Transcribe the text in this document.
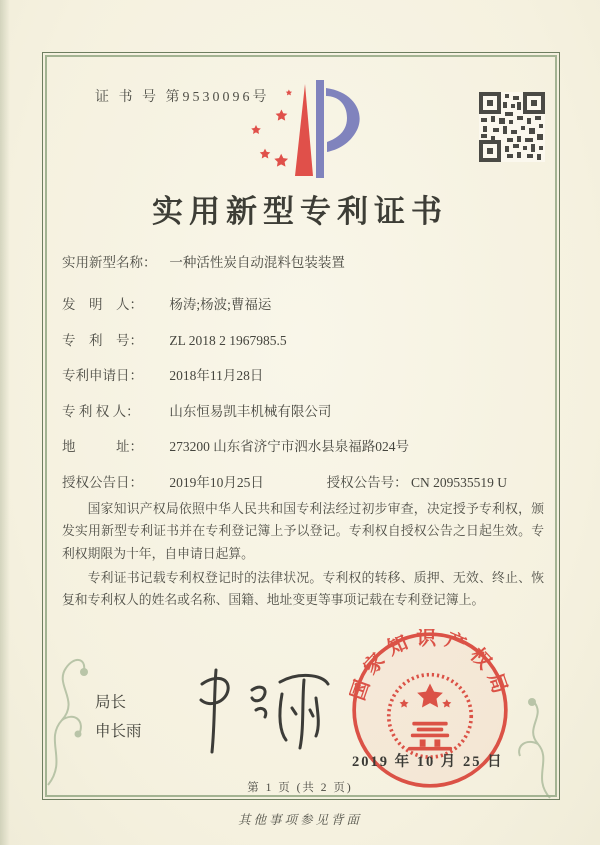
证 书 号 第9530096号
实用新型专利证书
实用新型名称： 一种活性炭自动混料包装装置
发　明　人： 杨涛;杨波;曹福运
专　利　号： ZL 2018 2 1967985.5
专利申请日： 2018年11月28日
专 利 权 人： 山东恒易凯丰机械有限公司
地　　　址： 273200 山东省济宁市泗水县泉福路024号
授权公告日： 2019年10月25日	授权公告号： CN 209535519 U

国家知识产权局依照中华人民共和国专利法经过初步审查，决定授予专利权，颁发实用新型专利证书并在专利登记簿上予以登记。专利权自授权公告之日起生效。专利权期限为十年，自申请日起算。

专利证书记载专利权登记时的法律状况。专利权的转移、质押、无效、终止、恢复和专利权人的姓名或名称、国籍、地址变更等事项记载在专利登记簿上。

局长
申长雨
国家知识产权局
2019 年 10 月 25 日
第 1 页 (共 2 页)
其他事项参见背面
